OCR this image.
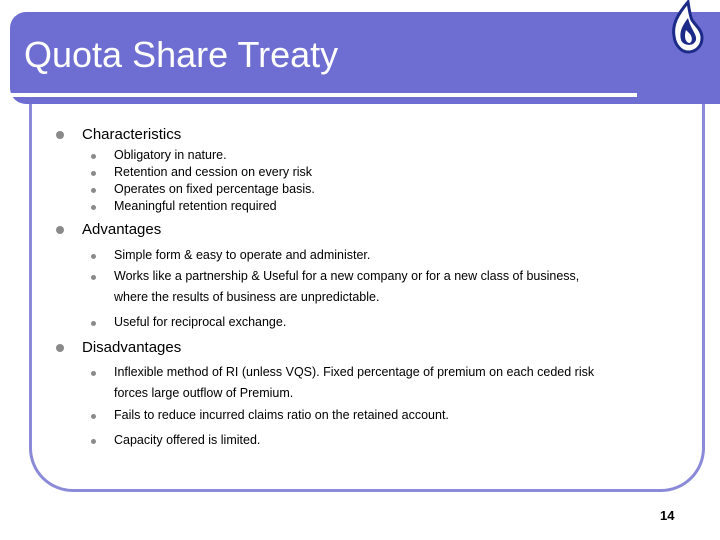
Quota Share Treaty
Characteristics
Obligatory in nature.
Retention and cession on every risk
Operates on fixed percentage basis.
Meaningful retention required
Advantages
Simple form & easy to operate and administer.
Works like a partnership & Useful for a new company or for a new class of business,
where the results of business are unpredictable.
Useful for reciprocal exchange.
Disadvantages
Inflexible method of RI (unless VQS). Fixed percentage of premium on each ceded risk
forces large outflow of Premium.
Fails to reduce incurred claims ratio on the retained account.
Capacity offered is limited.
14
